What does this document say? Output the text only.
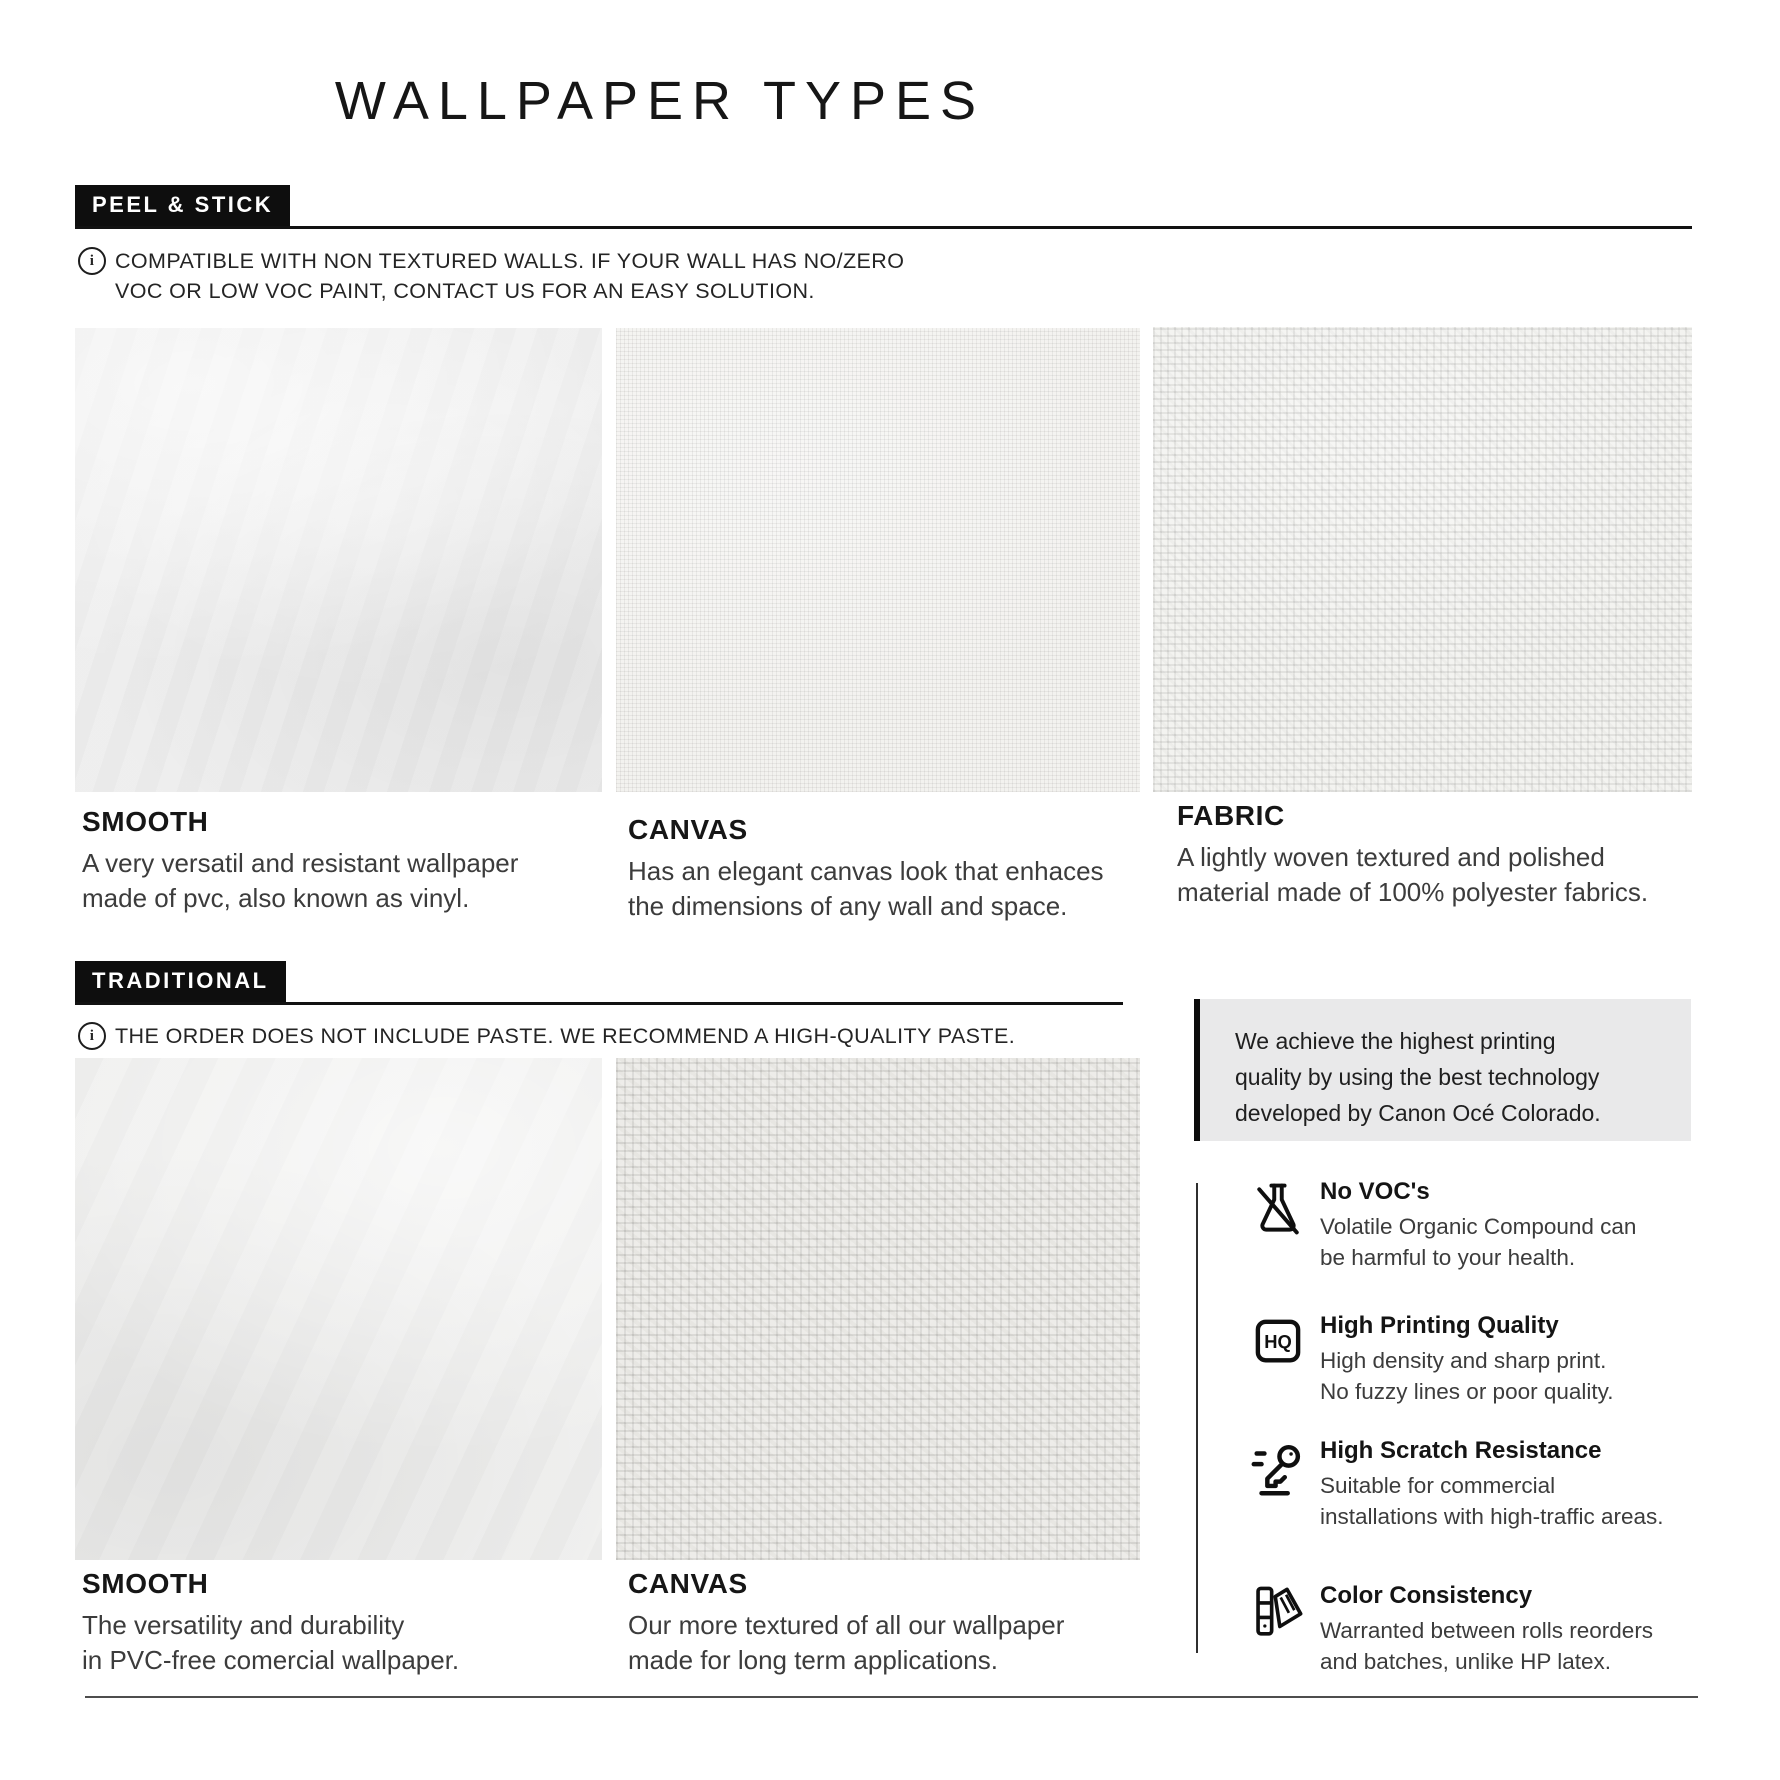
WALLPAPER TYPES
PEEL & STICK
i
COMPATIBLE WITH NON TEXTURED WALLS. IF YOUR WALL HAS NO/ZERO
VOC OR LOW VOC PAINT, CONTACT US FOR AN EASY SOLUTION.
SMOOTH
A very versatil and resistant wallpaper
made of pvc, also known as vinyl.
CANVAS
Has an elegant canvas look that enhaces
the dimensions of any wall and space.
FABRIC
A lightly woven textured and polished
material made of 100% polyester fabrics.
TRADITIONAL
i
THE ORDER DOES NOT INCLUDE PASTE. WE RECOMMEND A HIGH-QUALITY PASTE.
SMOOTH
The versatility and durability
in PVC-free comercial wallpaper.
CANVAS
Our more textured of all our wallpaper
made for long term applications.
We achieve the highest printing
quality by using the best technology
developed by Canon Océ Colorado.
No VOC's
Volatile Organic Compound can
be harmful to your health.
HQ
High Printing Quality
High density and sharp print.
No fuzzy lines or poor quality.
High Scratch Resistance
Suitable for commercial
installations with high-traffic areas.
Color Consistency
Warranted between rolls reorders
and batches, unlike HP latex.
